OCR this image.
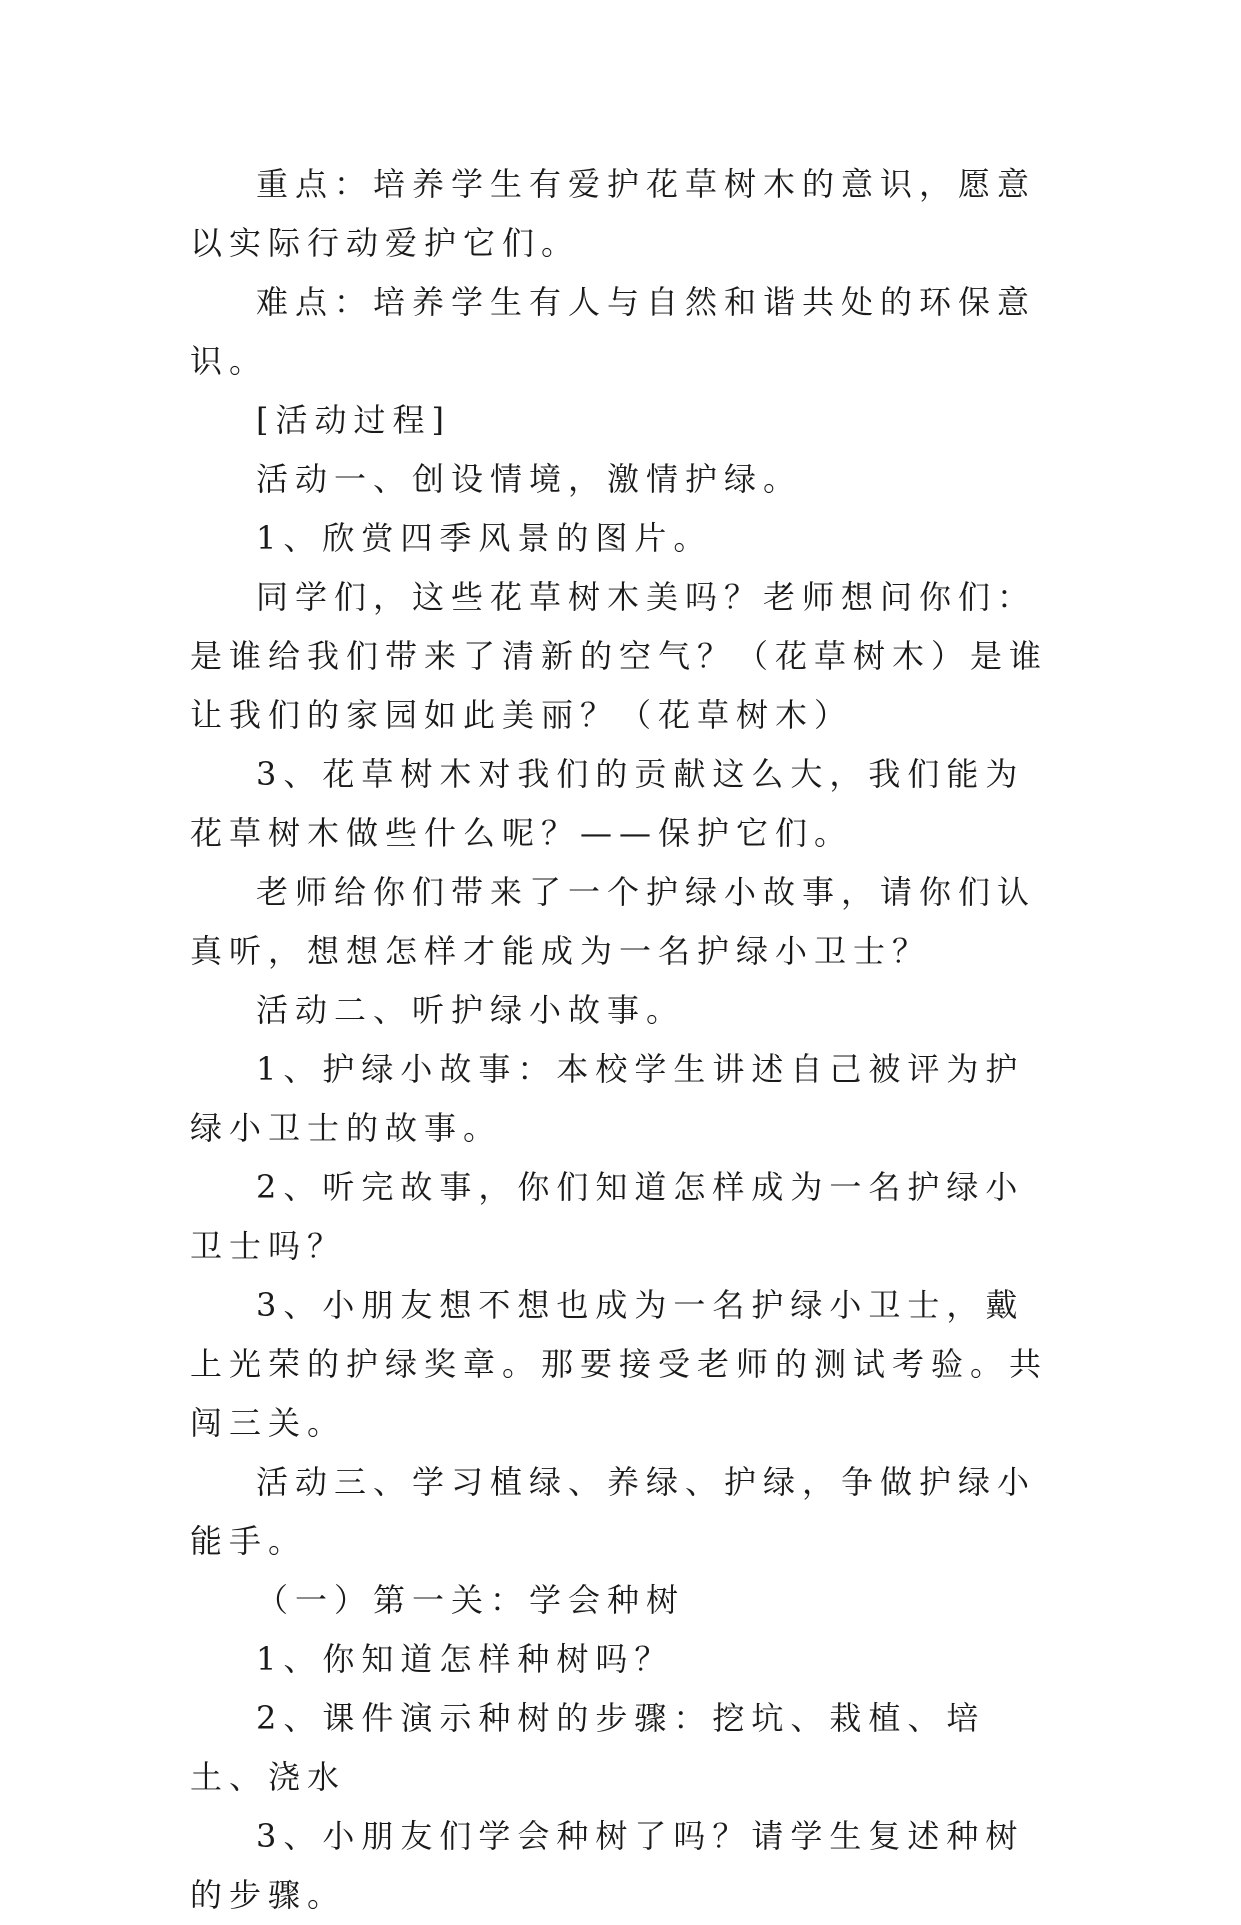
重点：培养学生有爱护花草树木的意识，愿意以实际行动爱护它们。

难点：培养学生有人与自然和谐共处的环保意识。

[活动过程]

活动一、创设情境，激情护绿。

1、欣赏四季风景的图片。

同学们，这些花草树木美吗？老师想问你们：是谁给我们带来了清新的空气？（花草树木）是谁让我们的家园如此美丽？（花草树木）

3、花草树木对我们的贡献这么大，我们能为花草树木做些什么呢？——保护它们。

老师给你们带来了一个护绿小故事，请你们认真听，想想怎样才能成为一名护绿小卫士？

活动二、听护绿小故事。

1、护绿小故事：本校学生讲述自己被评为护绿小卫士的故事。

2、听完故事，你们知道怎样成为一名护绿小卫士吗？

3、小朋友想不想也成为一名护绿小卫士，戴上光荣的护绿奖章。那要接受老师的测试考验。共闯三关。

活动三、学习植绿、养绿、护绿，争做护绿小能手。

（一）第一关：学会种树

1、你知道怎样种树吗？

2、课件演示种树的步骤：挖坑、栽植、培土、浇水

3、小朋友们学会种树了吗？请学生复述种树的步骤。
